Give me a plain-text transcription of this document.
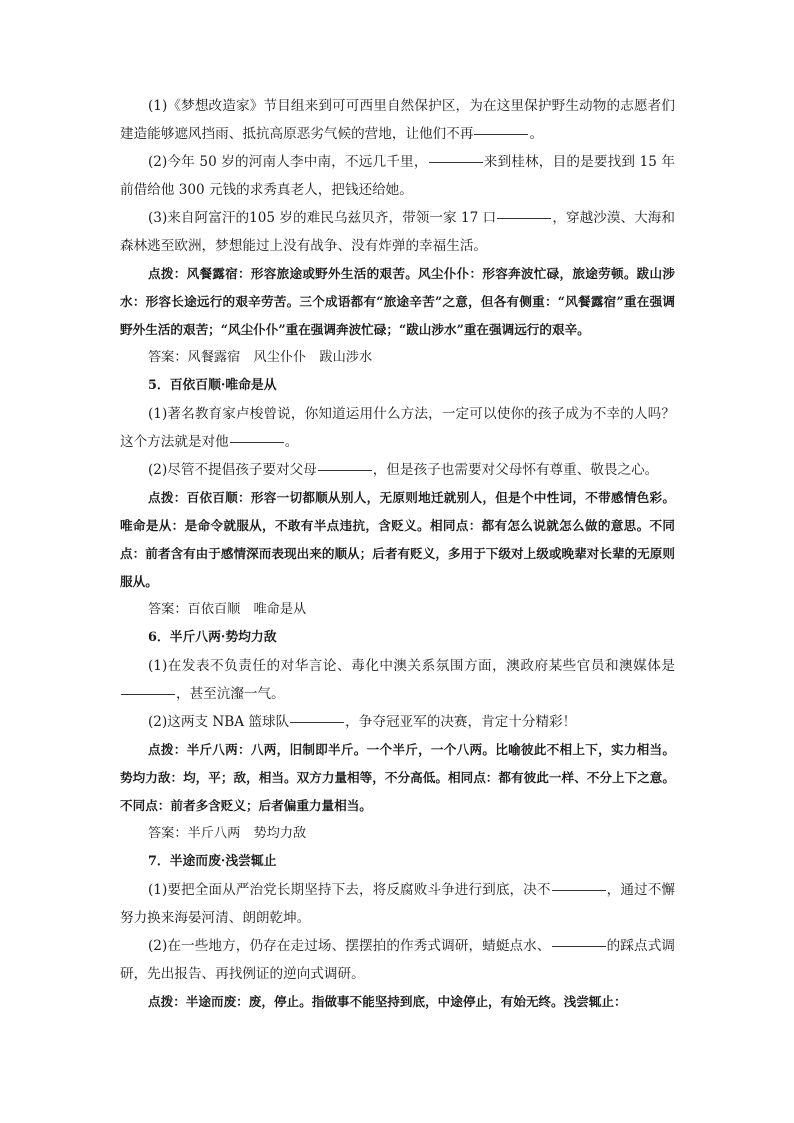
(1)《梦想改造家》节目组来到可可西里自然保护区，为在这里保护野生动物的志愿者们建造能够遮风挡雨、抵抗高原恶劣气候的营地，让他们不再	。

(2)今年 50 岁的河南人李中南，不远几千里，	来到桂林，目的是要找到 15 年前借给他 300 元钱的求秀真老人，把钱还给她。

(3)来自阿富汗的105 岁的难民乌兹贝齐，带领一家 17 口	，穿越沙漠、大海和森林逃至欧洲，梦想能过上没有战争、没有炸弹的幸福生活。

点拨：风餐露宿：形容旅途或野外生活的艰苦。风尘仆仆：形容奔波忙碌，旅途劳顿。跋山涉水：形容长途远行的艰辛劳苦。三个成语都有“旅途辛苦”之意，但各有侧重：“风餐露宿”重在强调野外生活的艰苦；“风尘仆仆”重在强调奔波忙碌；“跋山涉水”重在强调远行的艰辛。

答案：风餐露宿　风尘仆仆　跋山涉水

5．百依百顺·唯命是从

(1)著名教育家卢梭曾说，你知道运用什么方法，一定可以使你的孩子成为不幸的人吗？这个方法就是对他	。

(2)尽管不提倡孩子要对父母	，但是孩子也需要对父母怀有尊重、敬畏之心。

点拨：百依百顺：形容一切都顺从别人，无原则地迁就别人，但是个中性词，不带感情色彩。唯命是从：是命令就服从，不敢有半点违抗，含贬义。相同点：都有怎么说就怎么做的意思。不同点：前者含有由于感情深而表现出来的顺从；后者有贬义，多用于下级对上级或晚辈对长辈的无原则服从。

答案：百依百顺　唯命是从

6．半斤八两·势均力敌

(1)在发表不负责任的对华言论、毒化中澳关系氛围方面，澳政府某些官员和澳媒体是，甚至沆瀣一气。

(2)这两支 NBA 篮球队	，争夺冠亚军的决赛，肯定十分精彩！

点拨：半斤八两：八两，旧制即半斤。一个半斤，一个八两。比喻彼此不相上下，实力相当。势均力敌：均，平；敌，相当。双方力量相等，不分高低。相同点：都有彼此一样、不分上下之意。不同点：前者多含贬义；后者偏重力量相当。

答案：半斤八两　势均力敌

7．半途而废·浅尝辄止

(1)要把全面从严治党长期坚持下去，将反腐败斗争进行到底，决不	，通过不懈努力换来海晏河清、朗朗乾坤。

(2)在一些地方，仍存在走过场、摆摆拍的作秀式调研，蜻蜓点水、	的踩点式调研，先出报告、再找例证的逆向式调研。

点拨：半途而废：废，停止。指做事不能坚持到底，中途停止，有始无终。浅尝辄止：
